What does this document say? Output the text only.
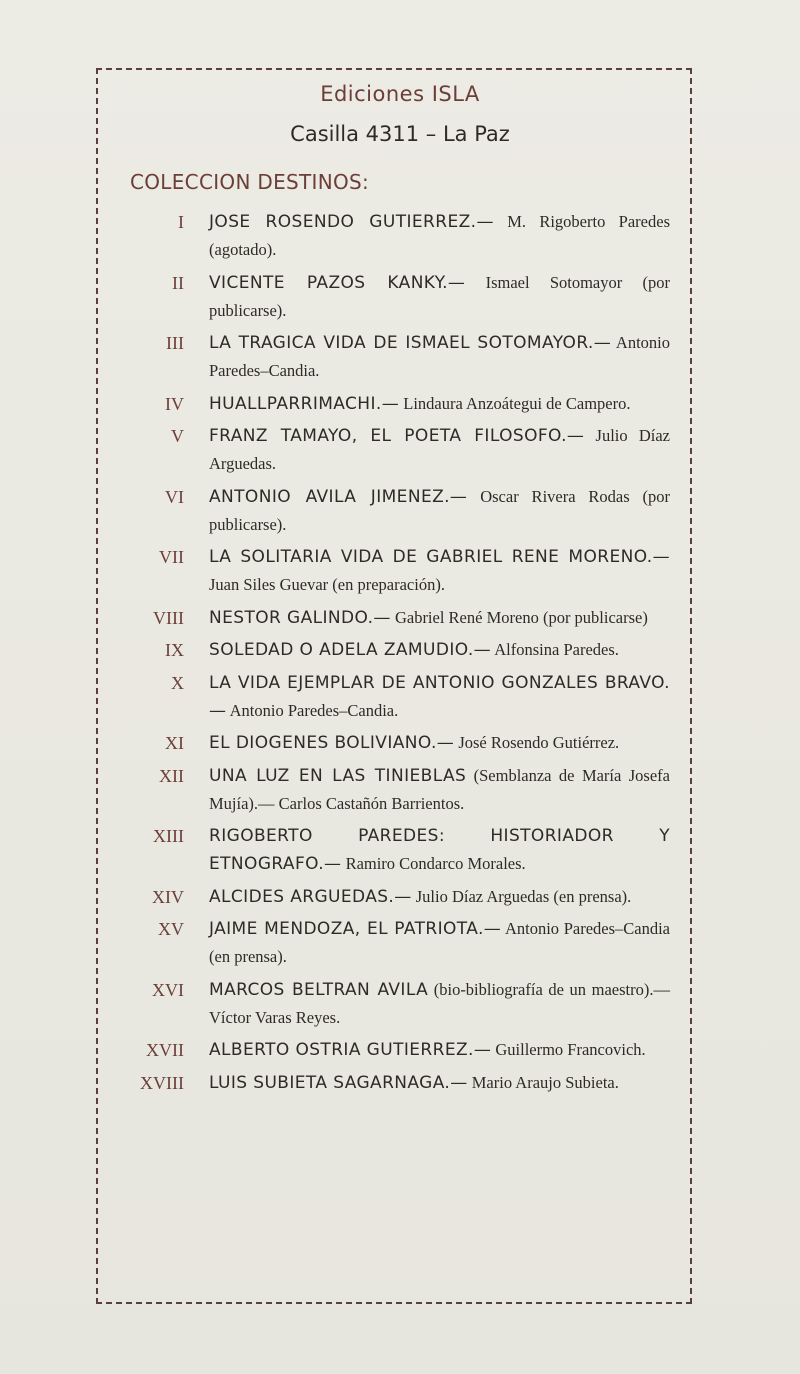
Ediciones ISLA
Casilla 4311 – La Paz
COLECCION DESTINOS:
I JOSE ROSENDO GUTIERREZ.— M. Rigoberto Paredes (agotado).
II VICENTE PAZOS KANKY.— Ismael Sotomayor (por publicarse).
III LA TRAGICA VIDA DE ISMAEL SOTOMAYOR.— Antonio Paredes–Candia.
IV HUALLPARRIMACHI.— Lindaura Anzoátegui de Campero.
V FRANZ TAMAYO, EL POETA FILOSOFO.— Julio Díaz Arguedas.
VI ANTONIO AVILA JIMENEZ.— Oscar Rivera Rodas (por publicarse).
VII LA SOLITARIA VIDA DE GABRIEL RENE MORENO.— Juan Siles Guevar (en preparación).
VIII NESTOR GALINDO.— Gabriel René Moreno (por publicarse)
IX SOLEDAD O ADELA ZAMUDIO.— Alfonsina Paredes.
X LA VIDA EJEMPLAR DE ANTONIO GONZALES BRAVO.— Antonio Paredes–Candia.
XI EL DIOGENES BOLIVIANO.— José Rosendo Gutiérrez.
XII UNA LUZ EN LAS TINIEBLAS (Semblanza de María Josefa Mujía).— Carlos Castañón Barrientos.
XIII RIGOBERTO PAREDES: HISTORIADOR Y ETNOGRAFO.— Ramiro Condarco Morales.
XIV ALCIDES ARGUEDAS.— Julio Díaz Arguedas (en prensa).
XV JAIME MENDOZA, EL PATRIOTA.— Antonio Paredes–Candia (en prensa).
XVI MARCOS BELTRAN AVILA (bio-bibliografía de un maestro).— Víctor Varas Reyes.
XVII ALBERTO OSTRIA GUTIERREZ.— Guillermo Francovich.
XVIII LUIS SUBIETA SAGARNAGA.— Mario Araujo Subieta.
